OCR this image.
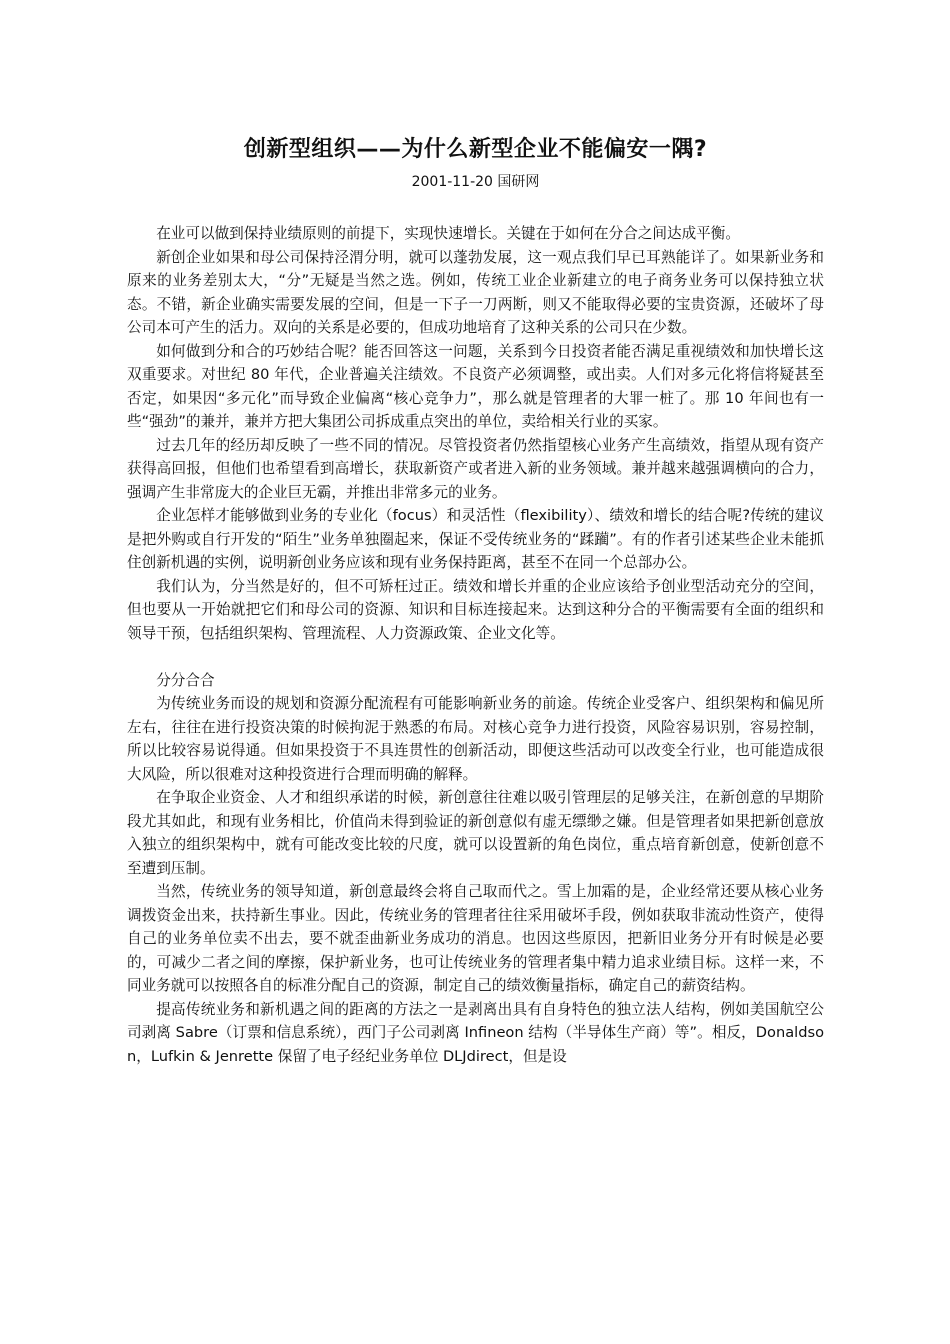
创新型组织——为什么新型企业不能偏安一隅?

2001-11-20 国研网

在业可以做到保持业绩原则的前提下，实现快速增长。关键在于如何在分合之间达成平衡。

新创企业如果和母公司保持泾渭分明，就可以蓬勃发展，这一观点我们早已耳熟能详了。如果新业务和原来的业务差别太大，“分”无疑是当然之选。例如，传统工业企业新建立的电子商务业务可以保持独立状态。不错，新企业确实需要发展的空间，但是一下子一刀两断，则又不能取得必要的宝贵资源，还破坏了母公司本可产生的活力。双向的关系是必要的，但成功地培育了这种关系的公司只在少数。

如何做到分和合的巧妙结合呢？能否回答这一问题，关系到今日投资者能否满足重视绩效和加快增长这双重要求。对世纪 80 年代，企业普遍关注绩效。不良资产必须调整，或出卖。人们对多元化将信将疑甚至否定，如果因“多元化”而导致企业偏离“核心竞争力”，那么就是管理者的大罪一桩了。那 10 年间也有一些“强劲”的兼并，兼并方把大集团公司拆成重点突出的单位，卖给相关行业的买家。

过去几年的经历却反映了一些不同的情况。尽管投资者仍然指望核心业务产生高绩效，指望从现有资产获得高回报，但他们也希望看到高增长，获取新资产或者进入新的业务领域。兼并越来越强调横向的合力，强调产生非常庞大的企业巨无霸，并推出非常多元的业务。

企业怎样才能够做到业务的专业化（focus）和灵活性（flexibility）、绩效和增长的结合呢?传统的建议是把外购或自行开发的“陌生”业务单独圈起来，保证不受传统业务的“蹂躏”。有的作者引述某些企业未能抓住创新机遇的实例，说明新创业务应该和现有业务保持距离，甚至不在同一个总部办公。

我们认为，分当然是好的，但不可矫枉过正。绩效和增长并重的企业应该给予创业型活动充分的空间，但也要从一开始就把它们和母公司的资源、知识和目标连接起来。达到这种分合的平衡需要有全面的组织和领导干预，包括组织架构、管理流程、人力资源政策、企业文化等。

分分合合

为传统业务而设的规划和资源分配流程有可能影响新业务的前途。传统企业受客户、组织架构和偏见所左右，往往在进行投资决策的时候拘泥于熟悉的布局。对核心竞争力进行投资，风险容易识别，容易控制，所以比较容易说得通。但如果投资于不具连贯性的创新活动，即便这些活动可以改变全行业，也可能造成很大风险，所以很难对这种投资进行合理而明确的解释。

在争取企业资金、人才和组织承诺的时候，新创意往往难以吸引管理层的足够关注，在新创意的早期阶段尤其如此，和现有业务相比，价值尚未得到验证的新创意似有虚无缥缈之嫌。但是管理者如果把新创意放入独立的组织架构中，就有可能改变比较的尺度，就可以设置新的角色岗位，重点培育新创意，使新创意不至遭到压制。

当然，传统业务的领导知道，新创意最终会将自己取而代之。雪上加霜的是，企业经常还要从核心业务调拨资金出来，扶持新生事业。因此，传统业务的管理者往往采用破坏手段，例如获取非流动性资产，使得自己的业务单位卖不出去，要不就歪曲新业务成功的消息。也因这些原因，把新旧业务分开有时候是必要的，可减少二者之间的摩擦，保护新业务，也可让传统业务的管理者集中精力追求业绩目标。这样一来，不同业务就可以按照各自的标准分配自己的资源，制定自己的绩效衡量指标，确定自己的薪资结构。

提高传统业务和新机遇之间的距离的方法之一是剥离出具有自身特色的独立法人结构，例如美国航空公司剥离 Sabre（订票和信息系统），西门子公司剥离 Infineon 结构（半导体生产商）等”。相反，Donaldson，Lufkin & Jenrette 保留了电子经纪业务单位 DLJdirect，但是设
